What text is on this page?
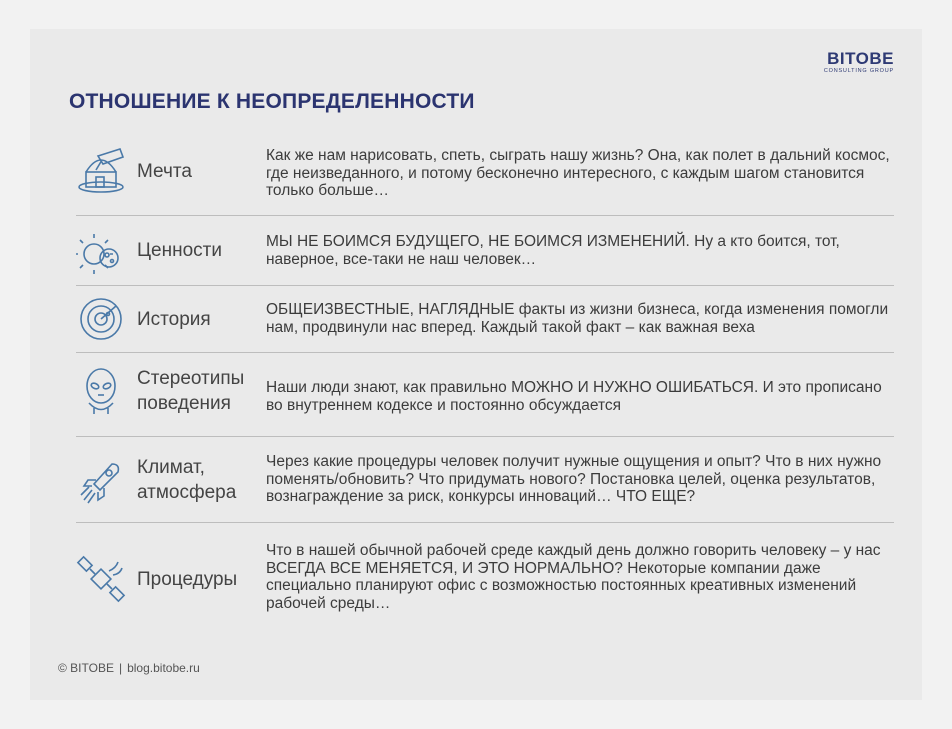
BITOBE
CONSULTING GROUP
ОТНОШЕНИЕ К НЕОПРЕДЕЛЕННОСТИ
Мечта
Как же нам нарисовать, спеть, сыграть нашу жизнь? Она, как полет в дальний космос, где неизведанного, и потому бесконечно интересного, с каждым шагом становится только больше…
Ценности	МЫ НЕ БОИМСЯ БУДУЩЕГО, НЕ БОИМСЯ ИЗМЕНЕНИЙ. Ну а кто боится, тот, наверное, все-таки не наш человек…
История	ОБЩЕИЗВЕСТНЫЕ, НАГЛЯДНЫЕ факты из жизни бизнеса, когда изменения помогли нам, продвинули нас вперед. Каждый такой факт – как важная веха
Стереотипы
поведения
Наши люди знают, как правильно МОЖНО И НУЖНО ОШИБАТЬСЯ. И это прописано во внутреннем кодексе и постоянно обсуждается
Климат,
атмосфера
Через какие процедуры человек получит нужные ощущения и опыт? Что в них нужно поменять/обновить? Что придумать нового? Постановка целей, оценка результатов, вознаграждение за риск, конкурсы инноваций… ЧТО ЕЩЕ?
Процедуры
Что в нашей обычной рабочей среде каждый день должно говорить человеку – у нас ВСЕГДА ВСЕ МЕНЯЕТСЯ, И ЭТО НОРМАЛЬНО? Некоторые компании даже специально планируют офис с возможностью постоянных креативных изменений рабочей среды…
© BITOBE | blog.bitobe.ru
